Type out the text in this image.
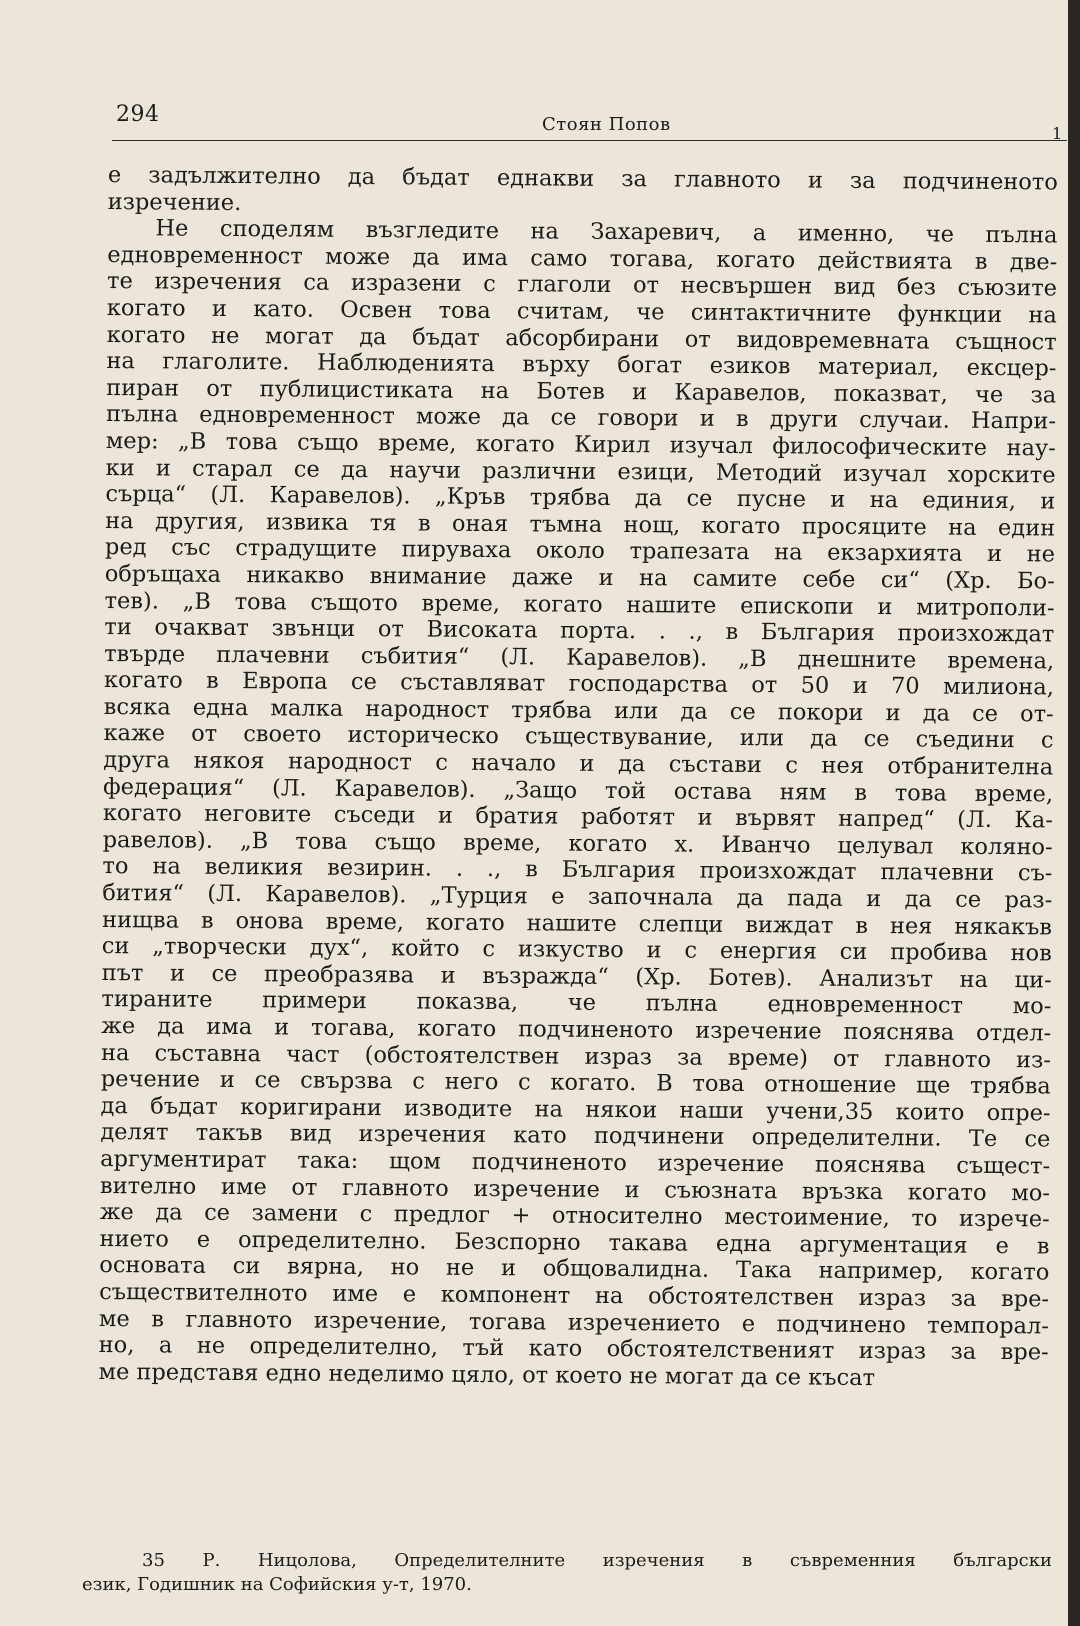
294	Стоян Попов	1
е задължително да бъдат еднакви за главното и за подчиненото
изречение.
Не споделям възгледите на Захаревич, а именно, че пълна
едновременност може да има само тогава, когато действията в две-
те изречения са изразени с глаголи от несвършен вид без съюзите
когато и като. Освен това считам, че синтактичните функции на
когато не могат да бъдат абсорбирани от видовремевната същност
на глаголите. Наблюденията върху богат езиков материал, ексцер-
пиран от публицистиката на Ботев и Каравелов, показват, че за
пълна едновременност може да се говори и в други случаи. Напри-
мер: „В това също време, когато Кирил изучал философическите нау-
ки и старал се да научи различни езици, Методий изучал хорските
сърца“ (Л. Каравелов). „Кръв трябва да се пусне и на единия, и
на другия, извика тя в оная тъмна нощ, когато просяците на един
ред със страдущите пируваха около трапезата на екзархията и не
обръщаха никакво внимание даже и на самите себе си“ (Хр. Бо-
тев). „В това същото време, когато нашите епископи и митрополи-
ти очакват звънци от Високата порта. . ., в България произхождат
твърде плачевни събития“ (Л. Каравелов). „В днешните времена,
когато в Европа се съставляват господарства от 50 и 70 милиона,
всяка една малка народност трябва или да се покори и да се от-
каже от своето историческо съществувание, или да се съедини с
друга някоя народност с начало и да състави с нея отбранителна
федерация“ (Л. Каравелов). „Защо той остава ням в това време,
когато неговите съседи и братия работят и вървят напред“ (Л. Ка-
равелов). „В това също време, когато х. Иванчо целувал коляно-
то на великия везирин. . ., в България произхождат плачевни съ-
бития“ (Л. Каравелов). „Турция е започнала да пада и да се раз-
нищва в онова време, когато нашите слепци виждат в нея някакъв
си „творчески дух“, който с изкуство и с енергия си пробива нов
път и се преобразява и възражда“ (Хр. Ботев). Анализът на ци-
тираните примери показва, че пълна едновременност мо-
же да има и тогава, когато подчиненото изречение пояснява отдел-
на съставна част (обстоятелствен израз за време) от главното из-
речение и се свързва с него с когато. В това отношение ще трябва
да бъдат коригирани изводите на някои наши учени,35 които опре-
делят такъв вид изречения като подчинени определителни. Те се
аргументират така: щом подчиненото изречение пояснява същест-
вително име от главното изречение и съюзната връзка когато мо-
же да се замени с предлог + относително местоимение, то изрече-
нието е определително. Безспорно такава една аргументация е в
основата си вярна, но не и общовалидна. Така например, когато
съществителното име е компонент на обстоятелствен израз за вре-
ме в главното изречение, тогава изречението е подчинено темпорал-
но, а не определително, тъй като обстоятелственият израз за вре-
ме представя едно неделимо цяло, от което не могат да се късат
35 Р. Ницолова, Определителните изречения в съвременния български
език, Годишник на Софийския у-т, 1970.
